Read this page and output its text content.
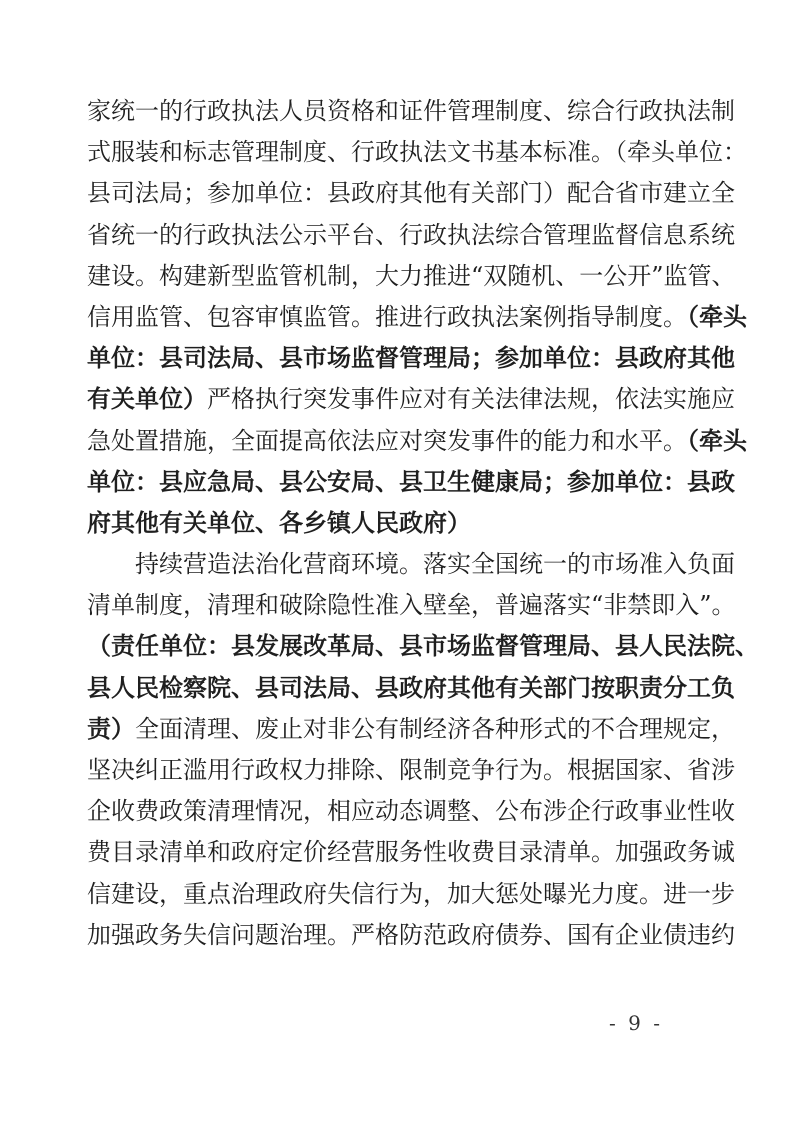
家统一的行政执法人员资格和证件管理制度、综合行政执法制
式服装和标志管理制度、行政执法文书基本标准。（牵头单位：
县司法局；参加单位：县政府其他有关部门）配合省市建立全
省统一的行政执法公示平台、行政执法综合管理监督信息系统
建设。构建新型监管机制，大力推进“双随机、一公开”监管、
信用监管、包容审慎监管。推进行政执法案例指导制度。（牵头
单位：县司法局、县市场监督管理局；参加单位：县政府其他
有关单位）严格执行突发事件应对有关法律法规，依法实施应
急处置措施，全面提高依法应对突发事件的能力和水平。（牵头
单位：县应急局、县公安局、县卫生健康局；参加单位：县政
府其他有关单位、各乡镇人民政府）
持续营造法治化营商环境。落实全国统一的市场准入负面
清单制度，清理和破除隐性准入壁垒，普遍落实“非禁即入”。
（责任单位：县发展改革局、县市场监督管理局、县人民法院、
县人民检察院、县司法局、县政府其他有关部门按职责分工负
责）全面清理、废止对非公有制经济各种形式的不合理规定，
坚决纠正滥用行政权力排除、限制竞争行为。根据国家、省涉
企收费政策清理情况，相应动态调整、公布涉企行政事业性收
费目录清单和政府定价经营服务性收费目录清单。加强政务诚
信建设，重点治理政府失信行为，加大惩处曝光力度。进一步
加强政务失信问题治理。严格防范政府债券、国有企业债违约
- 9 -
